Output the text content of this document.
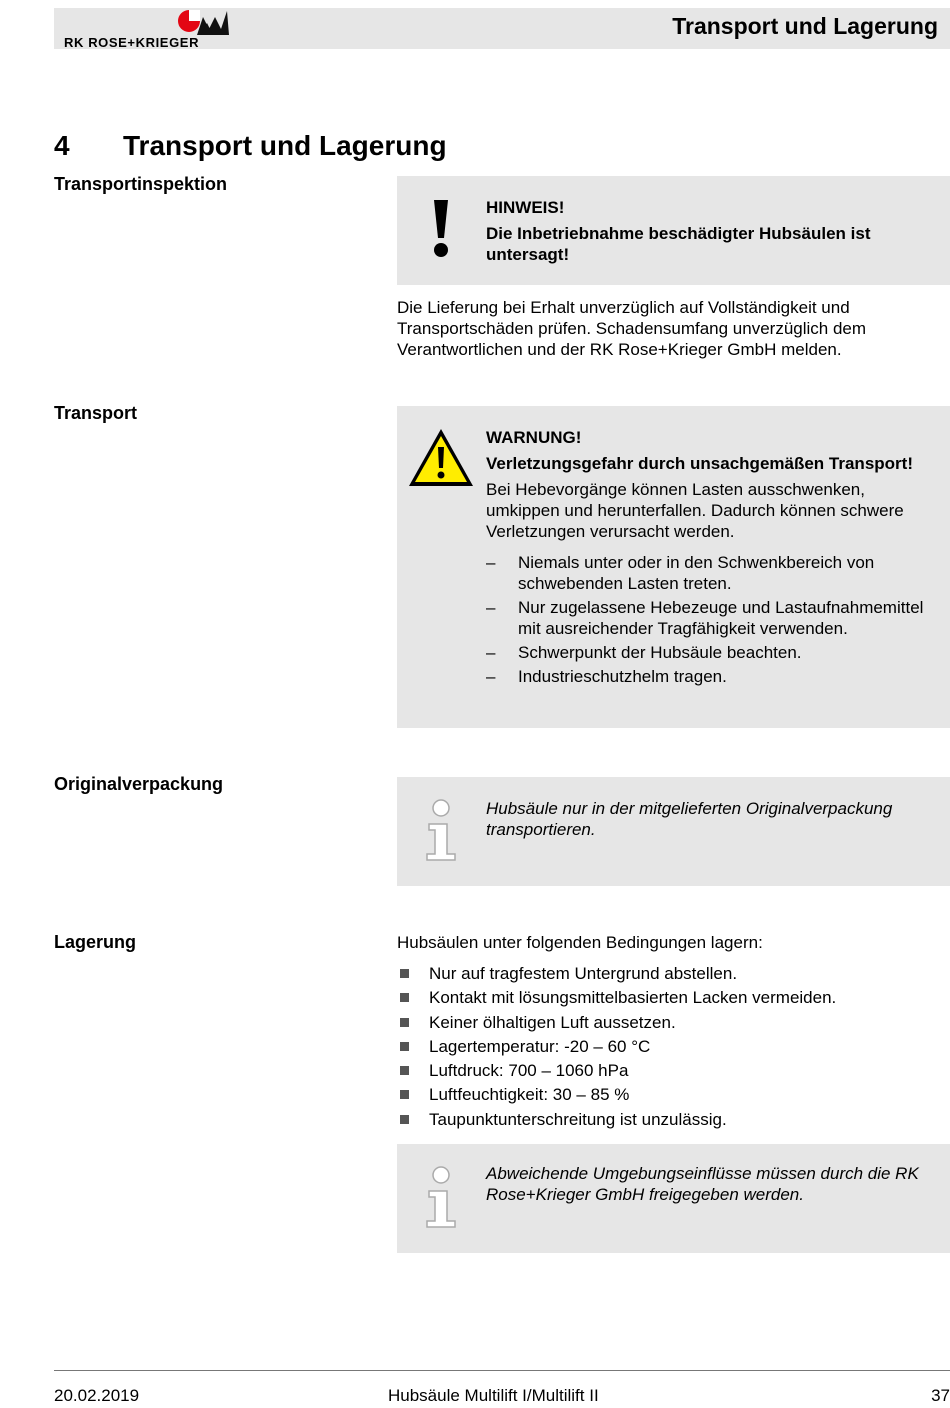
RK ROSE+KRIEGER
Transport und Lagerung
4 Transport und Lagerung
Transportinspektion
HINWEIS!
Die Inbetriebnahme beschädigter Hubsäulen ist untersagt!
Die Lieferung bei Erhalt unverzüglich auf Vollständigkeit und Transportschäden prüfen. Schadensumfang unverzüglich dem Verantwortlichen und der RK Rose+Krieger GmbH melden.
Transport
WARNUNG!
Verletzungsgefahr durch unsachgemäßen Transport!
Bei Hebevorgänge können Lasten ausschwenken, umkippen und herunterfallen. Dadurch können schwere Verletzungen verursacht werden.
– Niemals unter oder in den Schwenkbereich von schwebenden Lasten treten.
– Nur zugelassene Hebezeuge und Lastaufnahmemittel mit ausreichender Tragfähigkeit verwenden.
– Schwerpunkt der Hubsäule beachten.
– Industrieschutzhelm tragen.
Originalverpackung
Hubsäule nur in der mitgelieferten Originalverpackung transportieren.
Lagerung	Hubsäulen unter folgenden Bedingungen lagern:
Nur auf tragfestem Untergrund abstellen.
Kontakt mit lösungsmittelbasierten Lacken vermeiden.
Keiner ölhaltigen Luft aussetzen.
Lagertemperatur: -20 – 60 °C
Luftdruck: 700 – 1060 hPa
Luftfeuchtigkeit: 30 – 85 %
Taupunktunterschreitung ist unzulässig.
Abweichende Umgebungseinflüsse müssen durch die RK Rose+Krieger GmbH freigegeben werden.
20.02.2019	Hubsäule Multilift I/Multilift II	37
